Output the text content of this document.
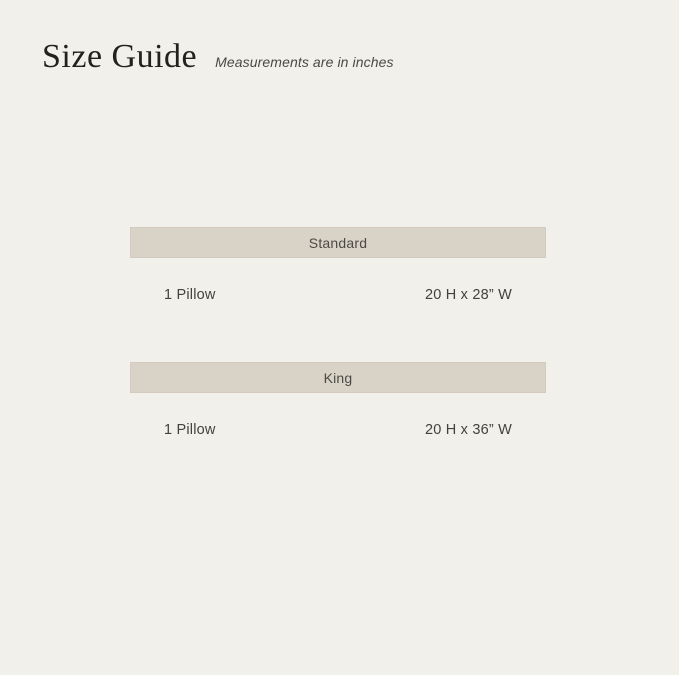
Size Guide Measurements are in inches
Standard
1 Pillow	20 H x 28” W
King
1 Pillow	20 H x 36” W
